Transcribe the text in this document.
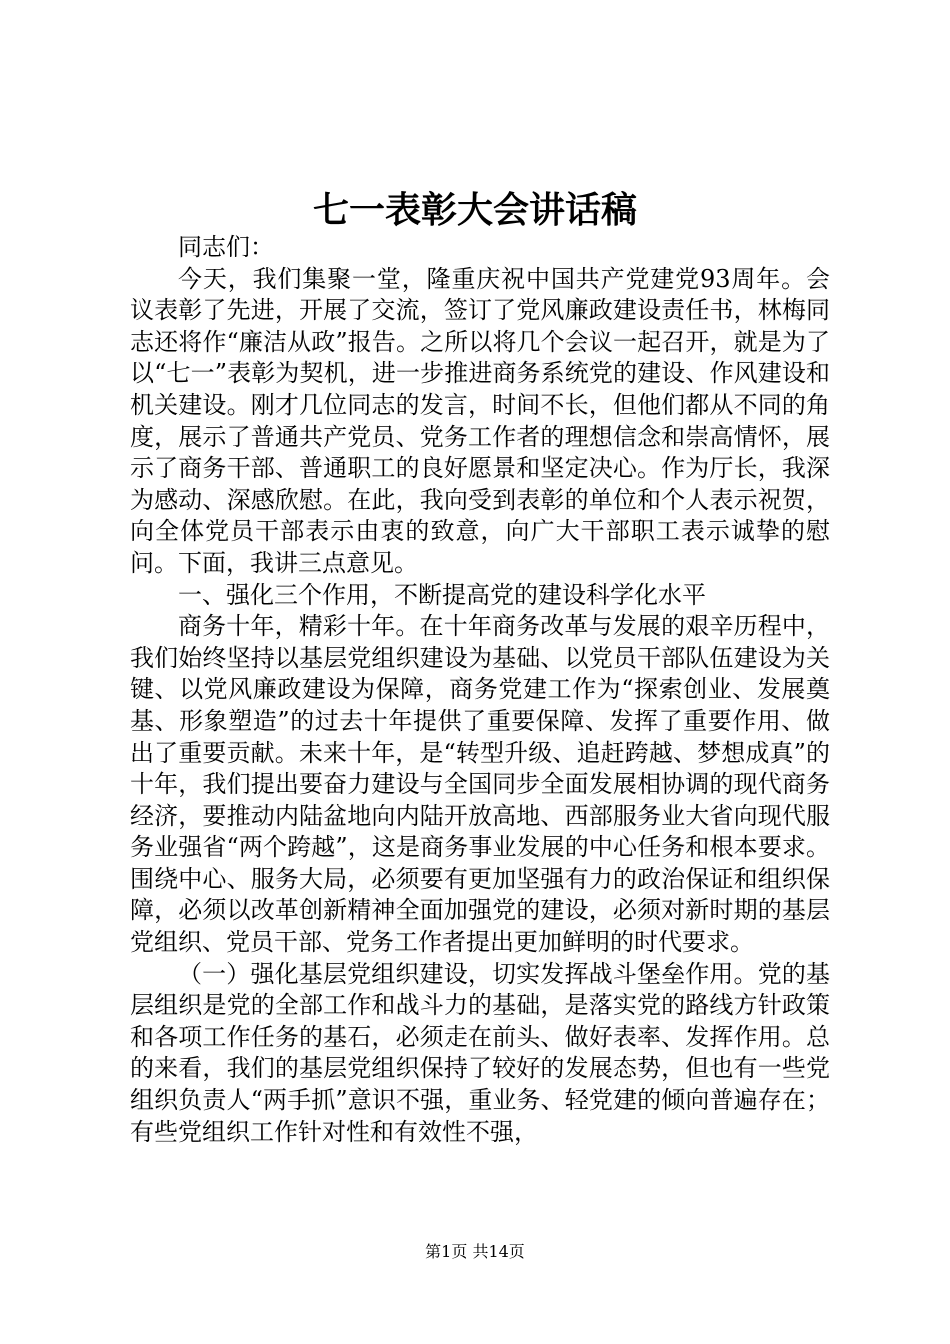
七一表彰大会讲话稿

同志们：

今天，我们集聚一堂，隆重庆祝中国共产党建党93周年。会议表彰了先进，开展了交流，签订了党风廉政建设责任书，林梅同志还将作“廉洁从政”报告。之所以将几个会议一起召开，就是为了以“七一”表彰为契机，进一步推进商务系统党的建设、作风建设和机关建设。刚才几位同志的发言，时间不长，但他们都从不同的角度，展示了普通共产党员、党务工作者的理想信念和崇高情怀，展示了商务干部、普通职工的良好愿景和坚定决心。作为厅长，我深为感动、深感欣慰。在此，我向受到表彰的单位和个人表示祝贺，向全体党员干部表示由衷的致意，向广大干部职工表示诚挚的慰问。下面，我讲三点意见。

一、强化三个作用，不断提高党的建设科学化水平

商务十年，精彩十年。在十年商务改革与发展的艰辛历程中，我们始终坚持以基层党组织建设为基础、以党员干部队伍建设为关键、以党风廉政建设为保障，商务党建工作为“探索创业、发展奠基、形象塑造”的过去十年提供了重要保障、发挥了重要作用、做出了重要贡献。未来十年，是“转型升级、追赶跨越、梦想成真”的十年，我们提出要奋力建设与全国同步全面发展相协调的现代商务经济，要推动内陆盆地向内陆开放高地、西部服务业大省向现代服务业强省“两个跨越”，这是商务事业发展的中心任务和根本要求。围绕中心、服务大局，必须要有更加坚强有力的政治保证和组织保障，必须以改革创新精神全面加强党的建设，必须对新时期的基层党组织、党员干部、党务工作者提出更加鲜明的时代要求。

（一）强化基层党组织建设，切实发挥战斗堡垒作用。党的基层组织是党的全部工作和战斗力的基础，是落实党的路线方针政策和各项工作任务的基石，必须走在前头、做好表率、发挥作用。总的来看，我们的基层党组织保持了较好的发展态势，但也有一些党组织负责人“两手抓”意识不强，重业务、轻党建的倾向普遍存在；有些党组织工作针对性和有效性不强，

第1页 共14页
